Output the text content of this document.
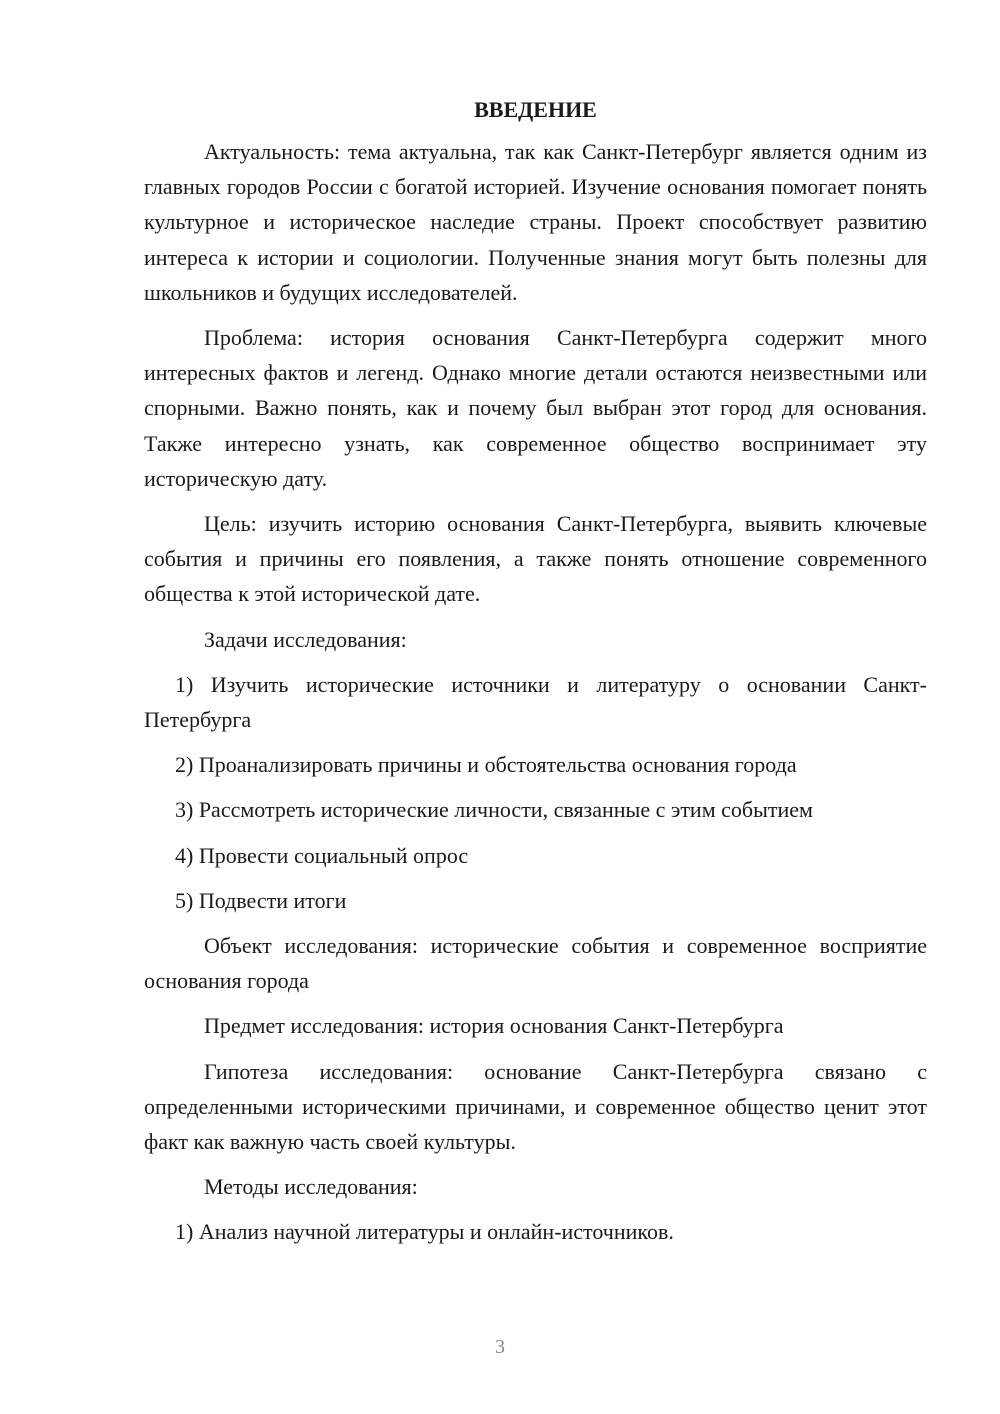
ВВЕДЕНИЕ

Актуальность: тема актуальна, так как Санкт-Петербург является одним из главных городов России с богатой историей. Изучение основания помогает понять культурное и историческое наследие страны. Проект способствует развитию интереса к истории и социологии. Полученные знания могут быть полезны для школьников и будущих исследователей.

Проблема: история основания Санкт-Петербурга содержит много интересных фактов и легенд. Однако многие детали остаются неизвестными или спорными. Важно понять, как и почему был выбран этот город для основания. Также интересно узнать, как современное общество воспринимает эту историческую дату.

Цель: изучить историю основания Санкт-Петербурга, выявить ключевые события и причины его появления, а также понять отношение современного общества к этой исторической дате.

Задачи исследования:

1) Изучить исторические источники и литературу о основании Санкт-Петербурга

2) Проанализировать причины и обстоятельства основания города

3) Рассмотреть исторические личности, связанные с этим событием

4) Провести социальный опрос

5) Подвести итоги

Объект исследования: исторические события и современное восприятие основания города

Предмет исследования: история основания Санкт-Петербурга

Гипотеза исследования: основание Санкт-Петербурга связано с определенными историческими причинами, и современное общество ценит этот факт как важную часть своей культуры.

Методы исследования:

1) Анализ научной литературы и онлайн-источников.

3
